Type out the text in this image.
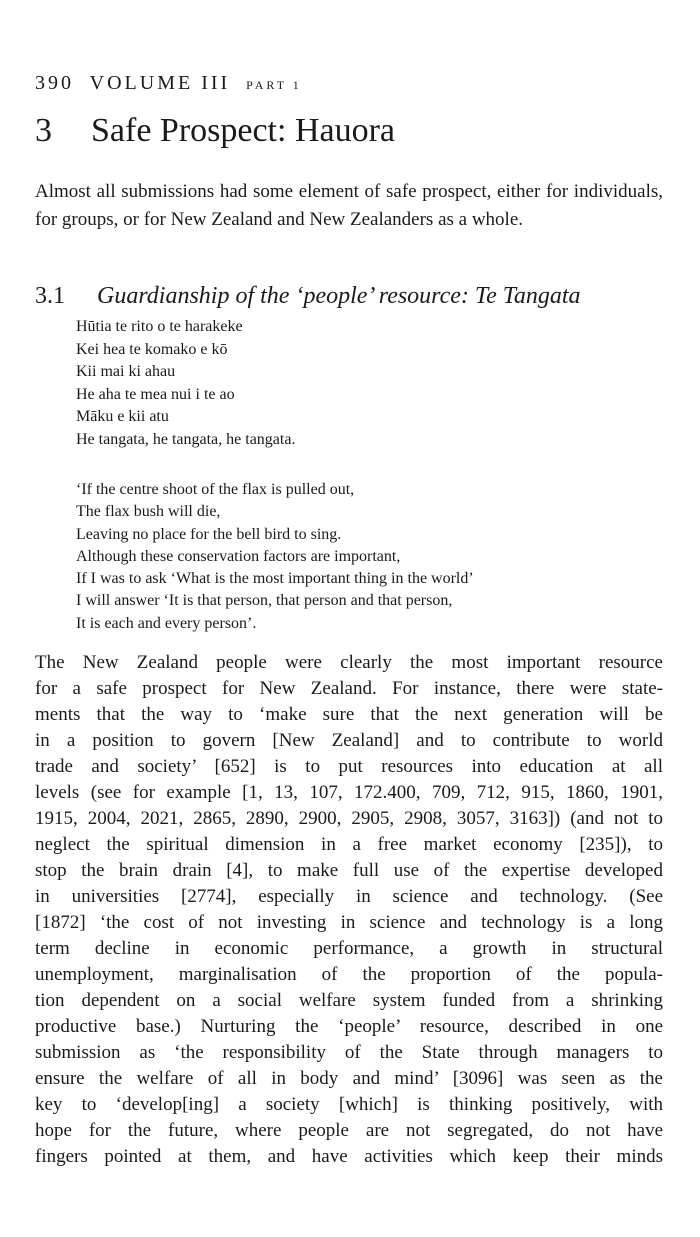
390 VOLUME III PART 1
3 Safe Prospect: Hauora

Almost all submissions had some element of safe prospect, either for individuals, for groups, or for New Zealand and New Zealanders as a whole.

3.1 Guardianship of the ‘people’ resource: Te Tangata
Hūtia te rito o te harakeke
Kei hea te komako e kō
Kii mai ki ahau
He aha te mea nui i te ao
Māku e kii atu
He tangata, he tangata, he tangata.
‘If the centre shoot of the flax is pulled out,
The flax bush will die,
Leaving no place for the bell bird to sing.
Although these conservation factors are important,
If I was to ask ‘What is the most important thing in the world’
I will answer ‘It is that person, that person and that person,
It is each and every person’.

The New Zealand people were clearly the most important resource
for a safe prospect for New Zealand. For instance, there were state-
ments that the way to ‘make sure that the next generation will be
in a position to govern [New Zealand] and to contribute to world
trade and society’ [652] is to put resources into education at all
levels (see for example [1, 13, 107, 172.400, 709, 712, 915, 1860, 1901,
1915, 2004, 2021, 2865, 2890, 2900, 2905, 2908, 3057, 3163]) (and not to
neglect the spiritual dimension in a free market economy [235]), to
stop the brain drain [4], to make full use of the expertise developed
in universities [2774], especially in science and technology. (See
[1872] ‘the cost of not investing in science and technology is a long
term decline in economic performance, a growth in structural
unemployment, marginalisation of the proportion of the popula-
tion dependent on a social welfare system funded from a shrinking
productive base.) Nurturing the ‘people’ resource, described in one
submission as ‘the responsibility of the State through managers to
ensure the welfare of all in body and mind’ [3096] was seen as the
key to ‘develop[ing] a society [which] is thinking positively, with
hope for the future, where people are not segregated, do not have
fingers pointed at them, and have activities which keep their minds
